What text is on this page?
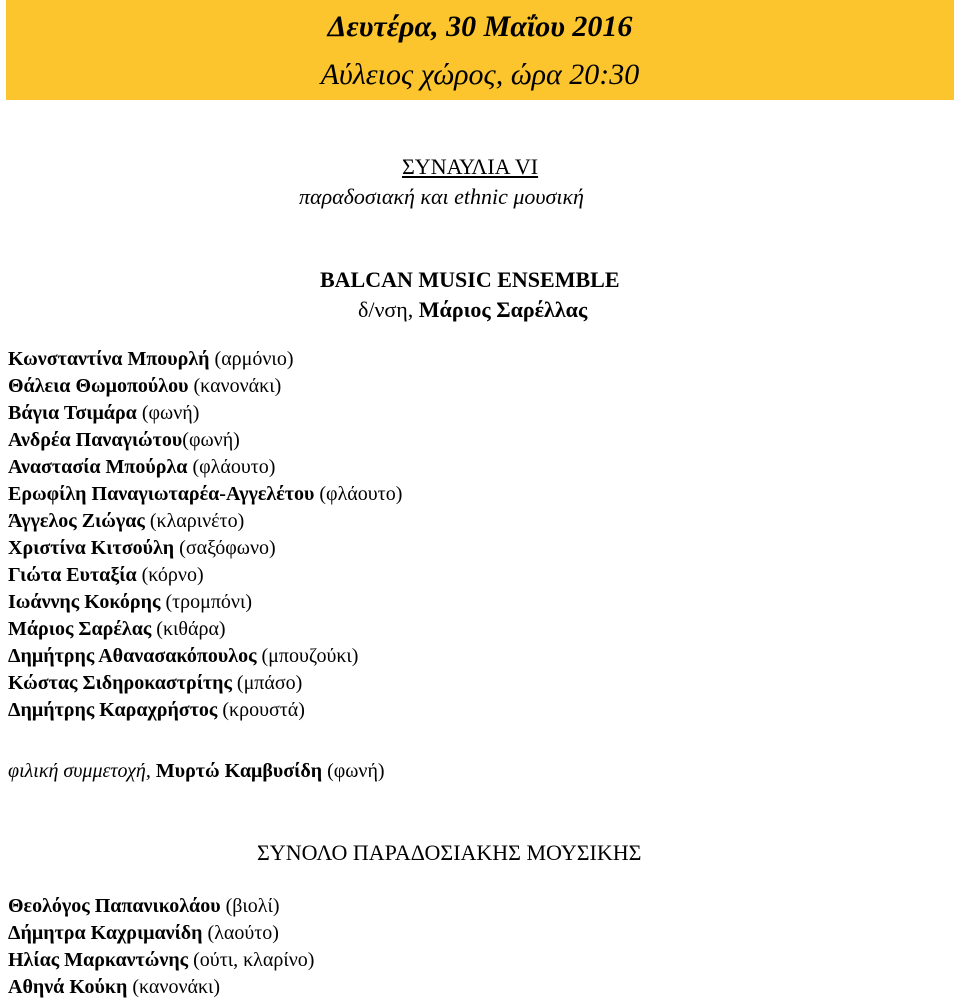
Δευτέρα, 30 Μαΐου 2016
Αύλειος χώρος, ώρα 20:30
ΣΥΝΑΥΛΙΑ VI
παραδοσιακή και ethnic μουσική
BALCAN MUSIC ENSEMBLE
δ/νση, Μάριος Σαρέλλας
Κωνσταντίνα Μπουρλή (αρμόνιο)
Θάλεια Θωμοπούλου (κανονάκι)
Βάγια Τσιμάρα (φωνή)
Ανδρέα Παναγιώτου(φωνή)
Αναστασία Μπούρλα (φλάουτο)
Ερωφίλη Παναγιωταρέα-Αγγελέτου (φλάουτο)
Άγγελος Ζιώγας (κλαρινέτο)
Χριστίνα Κιτσούλη (σαξόφωνο)
Γιώτα Ευταξία (κόρνο)
Ιωάννης Κοκόρης (τρομπόνι)
Μάριος Σαρέλας (κιθάρα)
Δημήτρης Αθανασακόπουλος (μπουζούκι)
Κώστας Σιδηροκαστρίτης (μπάσο)
Δημήτρης Καραχρήστος (κρουστά)
φιλική συμμετοχή, Μυρτώ Καμβυσίδη (φωνή)
ΣΥΝΟΛΟ ΠΑΡΑΔΟΣΙΑΚΗΣ ΜΟΥΣΙΚΗΣ
Θεολόγος Παπανικολάου (βιολί)
Δήμητρα Καχριμανίδη (λαούτο)
Ηλίας Μαρκαντώνης (ούτι, κλαρίνο)
Αθηνά Κούκη (κανονάκι)
